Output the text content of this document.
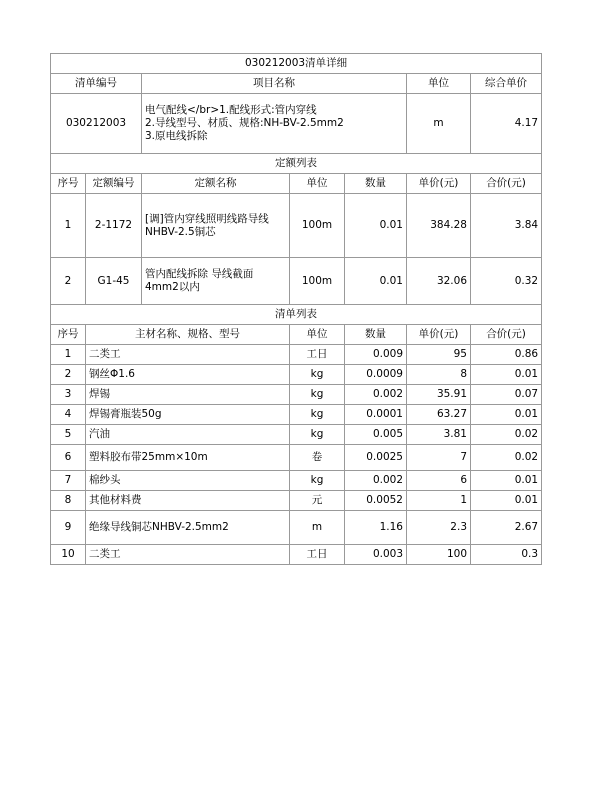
030212003清单详细						
清单编号		项目名称			单位	综合单价
030212003		电气配线</br>1.配线形式:管内穿线
2.导线型号、材质、规格:NH-BV-2.5mm2
3.原电线拆除			m	4.17
定额列表						
序号	定额编号	定额名称	单位	数量	单价(元)	合价(元)
1	2-1172	[调]管内穿线照明线路导线
NHBV-2.5铜芯	100m	0.01	384.28	3.84
2	G1-45	管内配线拆除 导线截面
4mm2以内	100m	0.01	32.06	0.32
清单列表						
序号	主材名称、规格、型号		单位	数量	单价(元)	合价(元)
1	二类工		工日	0.009	95	0.86
2	钢丝Φ1.6		kg	0.0009	8	0.01
3	焊锡		kg	0.002	35.91	0.07
4	焊锡膏瓶装50g		kg	0.0001	63.27	0.01
5	汽油		kg	0.005	3.81	0.02
6	塑料胶布带25mm×10m		卷	0.0025	7	0.02
7	棉纱头		kg	0.002	6	0.01
8	其他材料费		元	0.0052	1	0.01
9	绝缘导线铜芯NHBV-2.5mm2		m	1.16	2.3	2.67
10	二类工		工日	0.003	100	0.3
